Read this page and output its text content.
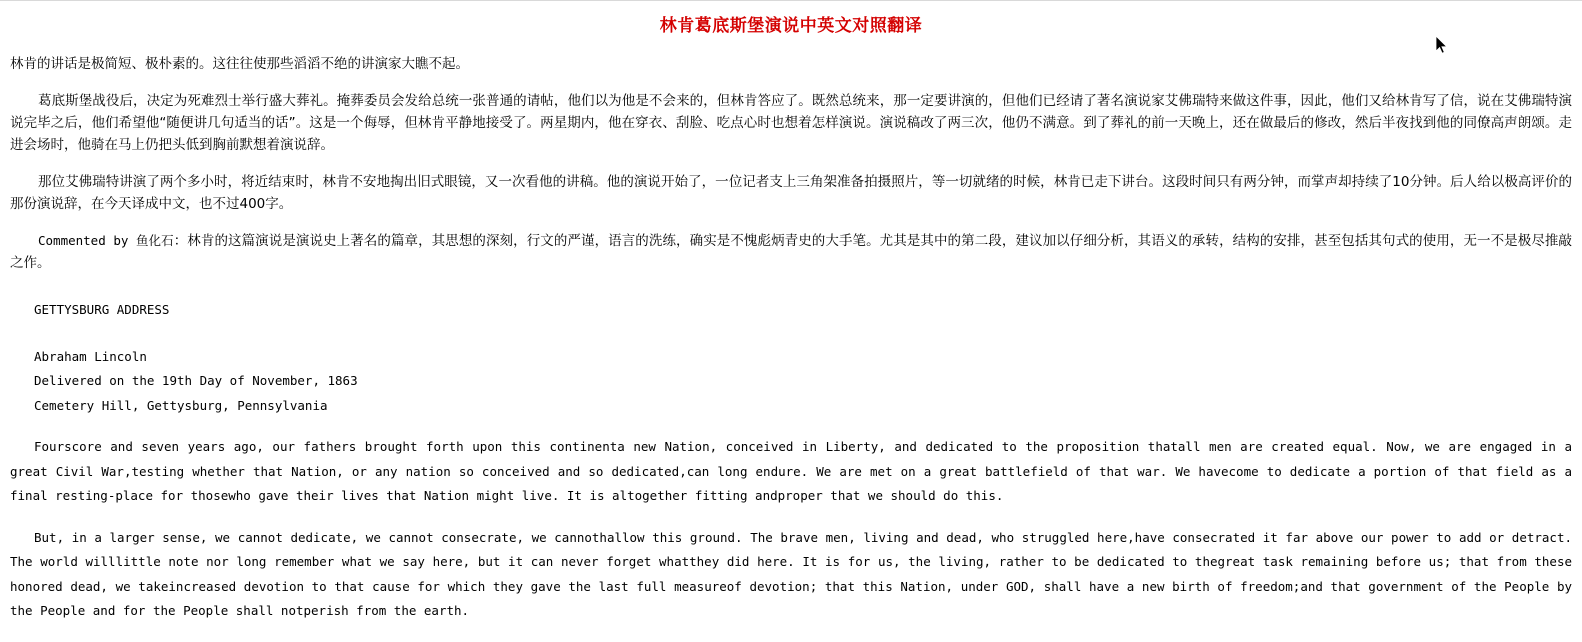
林肯葛底斯堡演说中英文对照翻译

林肯的讲话是极简短、极朴素的。这往往使那些滔滔不绝的讲演家大瞧不起。

葛底斯堡战役后，决定为死难烈士举行盛大葬礼。掩葬委员会发给总统一张普通的请帖，他们以为他是不会来的，但林肯答应了。既然总统来，那一定要讲演的，但他们已经请了著名演说家艾佛瑞特来做这件事，因此，他们又给林肯写了信，说在艾佛瑞特演说完毕之后，他们希望他“随便讲几句适当的话”。这是一个侮辱，但林肯平静地接受了。两星期内，他在穿衣、刮脸、吃点心时也想着怎样演说。演说稿改了两三次，他仍不满意。到了葬礼的前一天晚上，还在做最后的修改，然后半夜找到他的同僚高声朗颂。走进会场时，他骑在马上仍把头低到胸前默想着演说辞。

那位艾佛瑞特讲演了两个多小时，将近结束时，林肯不安地掏出旧式眼镜，又一次看他的讲稿。他的演说开始了，一位记者支上三角架准备拍摄照片，等一切就绪的时候，林肯已走下讲台。这段时间只有两分钟，而掌声却持续了10分钟。后人给以极高评价的那份演说辞，在今天译成中文，也不过400字。

Commented by 鱼化石：林肯的这篇演说是演说史上著名的篇章，其思想的深刻，行文的严谨，语言的洗练，确实是不愧彪炳青史的大手笔。尤其是其中的第二段，建议加以仔细分析，其语义的承转，结构的安排，甚至包括其句式的使用，无一不是极尽推敲之作。

GETTYSBURG ADDRESS
Abraham Lincoln
Delivered on the 19th Day of November, 1863
Cemetery Hill, Gettysburg, Pennsylvania
Fourscore and seven years ago, our fathers brought forth upon this continenta new Nation, conceived in Liberty, and dedicated to the proposition thatall men are created equal. Now, we are engaged in a great Civil War,testing whether that Nation, or any nation so conceived and so dedicated,can long endure. We are met on a great battlefield of that war. We havecome to dedicate a portion of that field as a final resting-place for thosewho gave their lives that Nation might live. It is altogether fitting andproper that we should do this.
But, in a larger sense, we cannot dedicate, we cannot consecrate, we cannothallow this ground. The brave men, living and dead, who struggled here,have consecrated it far above our power to add or detract. The world willlittle note nor long remember what we say here, but it can never forget whatthey did here. It is for us, the living, rather to be dedicated to thegreat task remaining before us; that from these honored dead, we takeincreased devotion to that cause for which they gave the last full measureof devotion; that this Nation, under GOD, shall have a new birth of freedom;and that government of the People by the People and for the People shall notperish from the earth.
